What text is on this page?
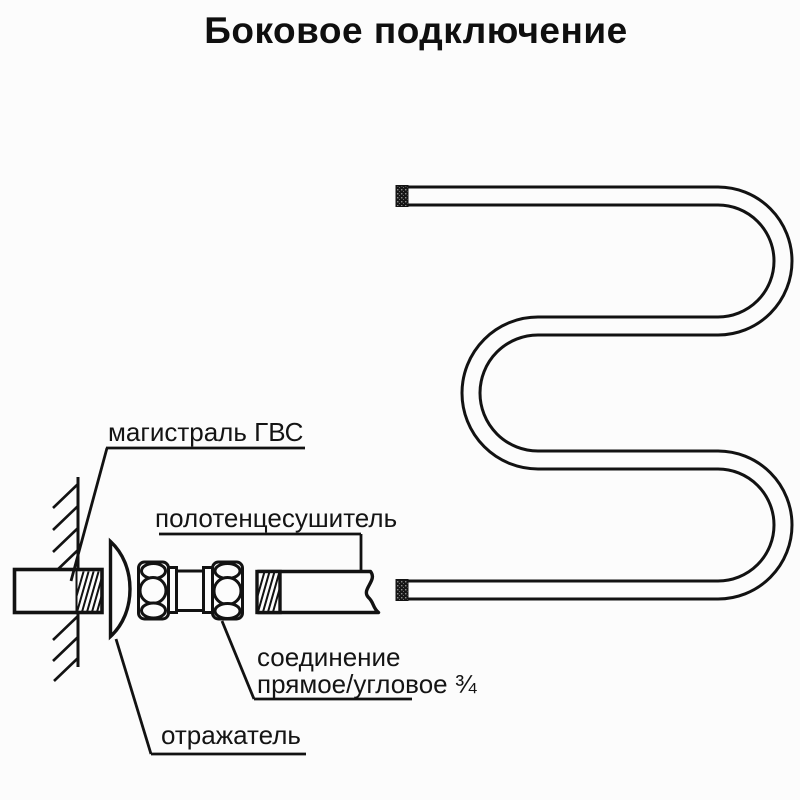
Боковое подключение
магистраль ГВС
полотенцесушитель
соединение
прямое/угловое ¾
отражатель
